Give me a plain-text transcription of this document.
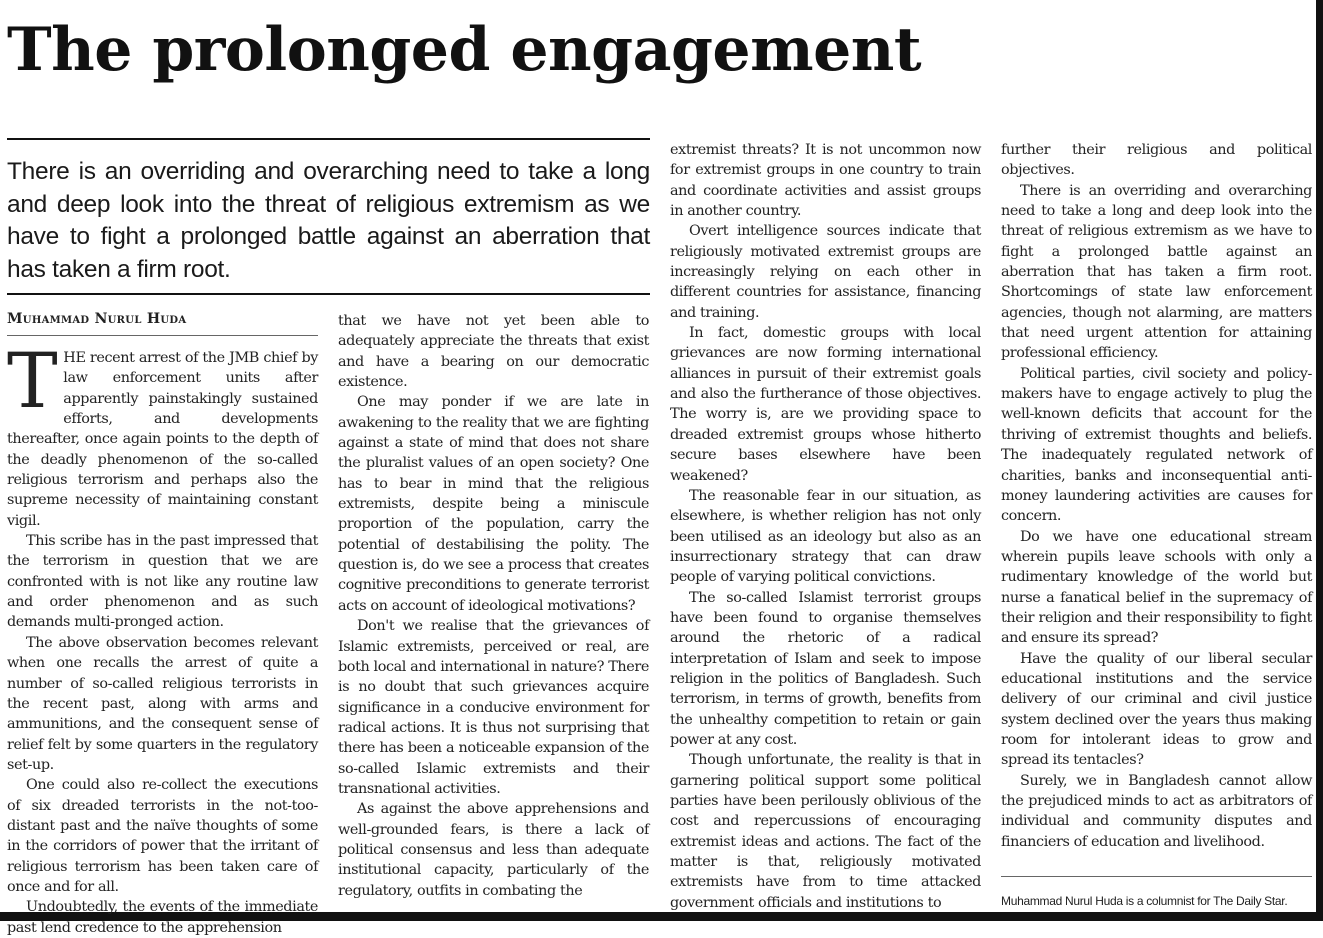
The prolonged engagement

There is an overriding and overarching need to take a long and deep look into the threat of religious extremism as we have to fight a prolonged battle against an aberration that has taken a firm root.

Muhammad Nurul Huda

THE recent arrest of the JMB chief by law enforcement units after apparently painstakingly sustained efforts, and developments thereafter, once again points to the depth of the deadly phenomenon of the so-called religious terrorism and perhaps also the supreme necessity of maintaining constant vigil.

This scribe has in the past impressed that the terrorism in question that we are confronted with is not like any routine law and order phenomenon and as such demands multi-pronged action.

The above observation becomes relevant when one recalls the arrest of quite a number of so-called religious terrorists in the recent past, along with arms and ammunitions, and the consequent sense of relief felt by some quarters in the regulatory set-up.

One could also re-collect the executions of six dreaded terrorists in the not-too-distant past and the naïve thoughts of some in the corridors of power that the irritant of religious terrorism has been taken care of once and for all.

Undoubtedly, the events of the immediate past lend credence to the apprehension

that we have not yet been able to adequately appreciate the threats that exist and have a bearing on our democratic existence.

One may ponder if we are late in awakening to the reality that we are fighting against a state of mind that does not share the pluralist values of an open society? One has to bear in mind that the religious extremists, despite being a miniscule proportion of the population, carry the potential of destabilising the polity. The question is, do we see a process that creates cognitive preconditions to generate terrorist acts on account of ideological motivations?

Don't we realise that the grievances of Islamic extremists, perceived or real, are both local and international in nature? There is no doubt that such grievances acquire significance in a conducive environment for radical actions. It is thus not surprising that there has been a noticeable expansion of the so-called Islamic extremists and their transnational activities.

As against the above apprehensions and well-grounded fears, is there a lack of political consensus and less than adequate institutional capacity, particularly of the regulatory, outfits in combating the

extremist threats? It is not uncommon now for extremist groups in one country to train and coordinate activities and assist groups in another country.

Overt intelligence sources indicate that religiously motivated extremist groups are increasingly relying on each other in different countries for assistance, financing and training.

In fact, domestic groups with local grievances are now forming international alliances in pursuit of their extremist goals and also the furtherance of those objectives. The worry is, are we providing space to dreaded extremist groups whose hitherto secure bases elsewhere have been weakened?

The reasonable fear in our situation, as elsewhere, is whether religion has not only been utilised as an ideology but also as an insurrectionary strategy that can draw people of varying political convictions.

The so-called Islamist terrorist groups have been found to organise themselves around the rhetoric of a radical interpretation of Islam and seek to impose religion in the politics of Bangladesh. Such terrorism, in terms of growth, benefits from the unhealthy competition to retain or gain power at any cost.

Though unfortunate, the reality is that in garnering political support some political parties have been perilously oblivious of the cost and repercussions of encouraging extremist ideas and actions. The fact of the matter is that, religiously motivated extremists have from to time attacked government officials and institutions to

further their religious and political objectives.

There is an overriding and overarching need to take a long and deep look into the threat of religious extremism as we have to fight a prolonged battle against an aberration that has taken a firm root. Shortcomings of state law enforcement agencies, though not alarming, are matters that need urgent attention for attaining professional efficiency.

Political parties, civil society and policy-makers have to engage actively to plug the well-known deficits that account for the thriving of extremist thoughts and beliefs. The inadequately regulated network of charities, banks and inconsequential anti-money laundering activities are causes for concern.

Do we have one educational stream wherein pupils leave schools with only a rudimentary knowledge of the world but nurse a fanatical belief in the supremacy of their religion and their responsibility to fight and ensure its spread?

Have the quality of our liberal secular educational institutions and the service delivery of our criminal and civil justice system declined over the years thus making room for intolerant ideas to grow and spread its tentacles?

Surely, we in Bangladesh cannot allow the prejudiced minds to act as arbitrators of individual and community disputes and financiers of education and livelihood.

Muhammad Nurul Huda is a columnist for The Daily Star.
